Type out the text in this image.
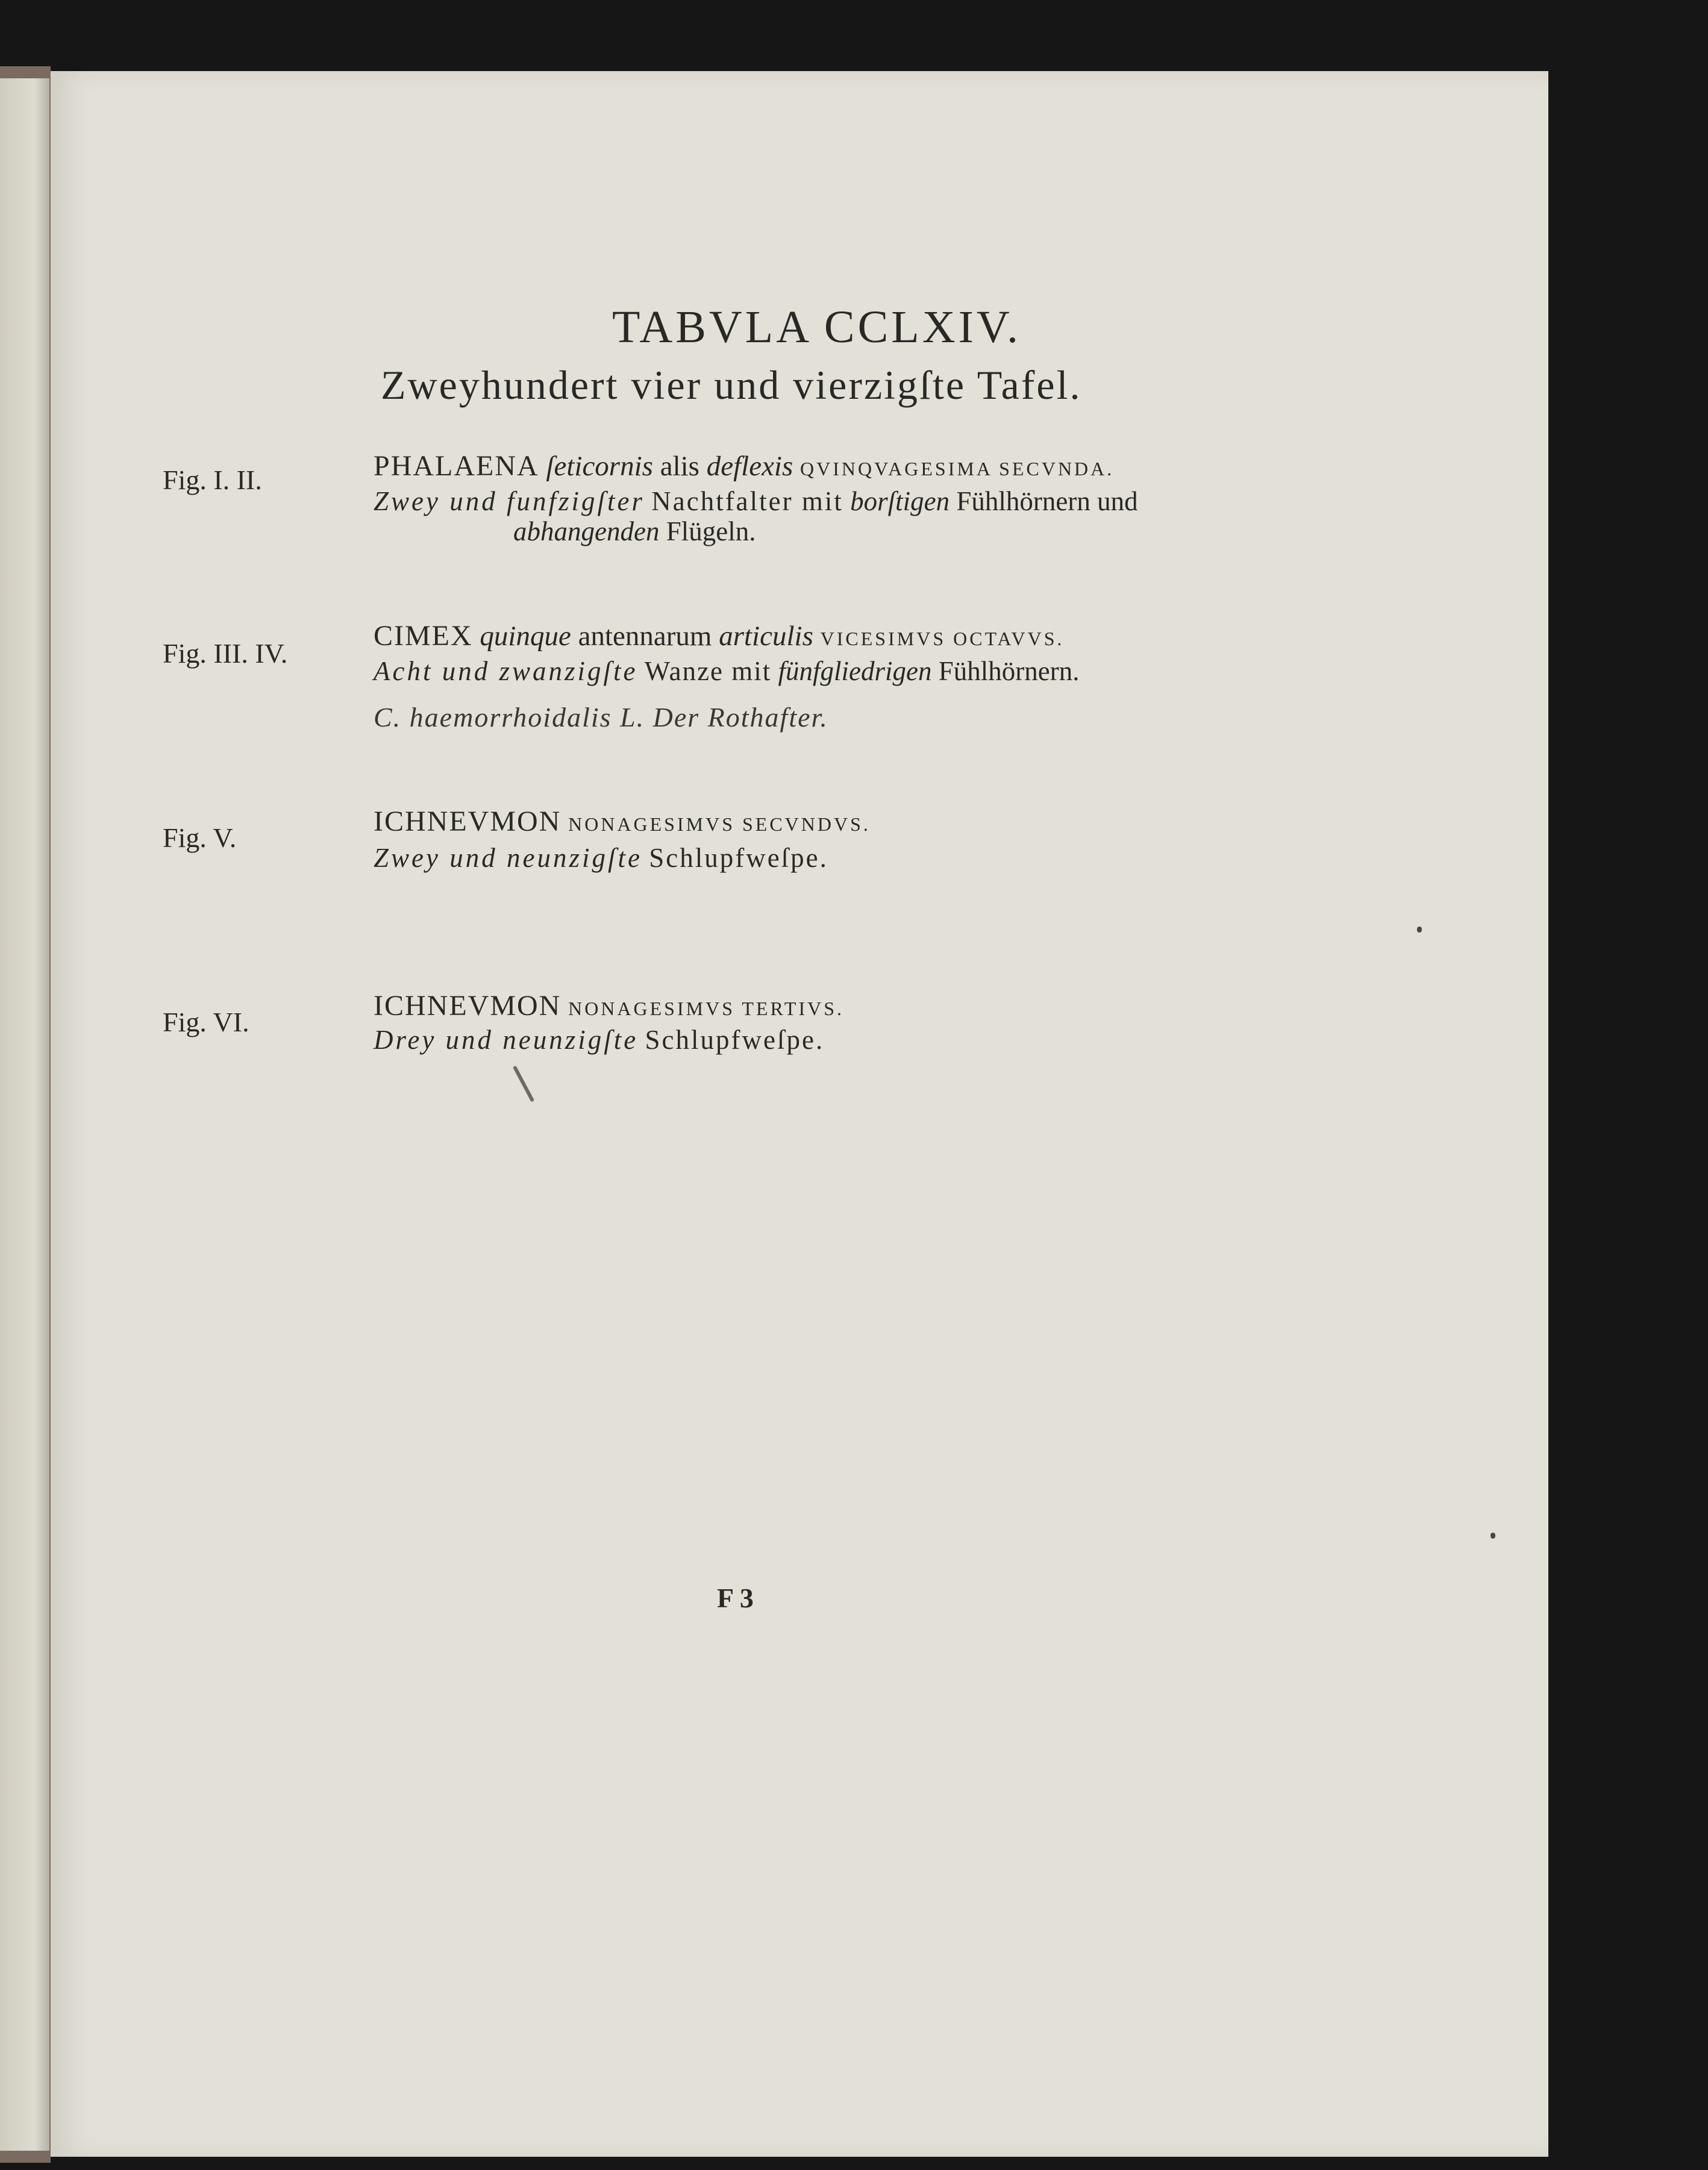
TABVLA CCLXIV.
Zweyhundert vier und vierzigſte Tafel.
Fig. I. II.	PHALAENA ſeticornis alis deflexis QVINQVAGESIMA SECVNDA.
Zwey und funfzigſter Nachtfalter mit borſtigen Fühlhörnern und
abhangenden Flügeln.
Fig. III. IV.
CIMEX quinque antennarum articulis VICESIMVS OCTAVVS.
Acht und zwanzigſte Wanze mit fünfgliedrigen Fühlhörnern.
C. haemorrhoidalis L. Der Rothafter.
Fig. V.
ICHNEVMON NONAGESIMVS SECVNDVS.
Zwey und neunzigſte Schlupfweſpe.
Fig. VI.
ICHNEVMON NONAGESIMVS TERTIVS.
Drey und neunzigſte Schlupfweſpe.
F 3
